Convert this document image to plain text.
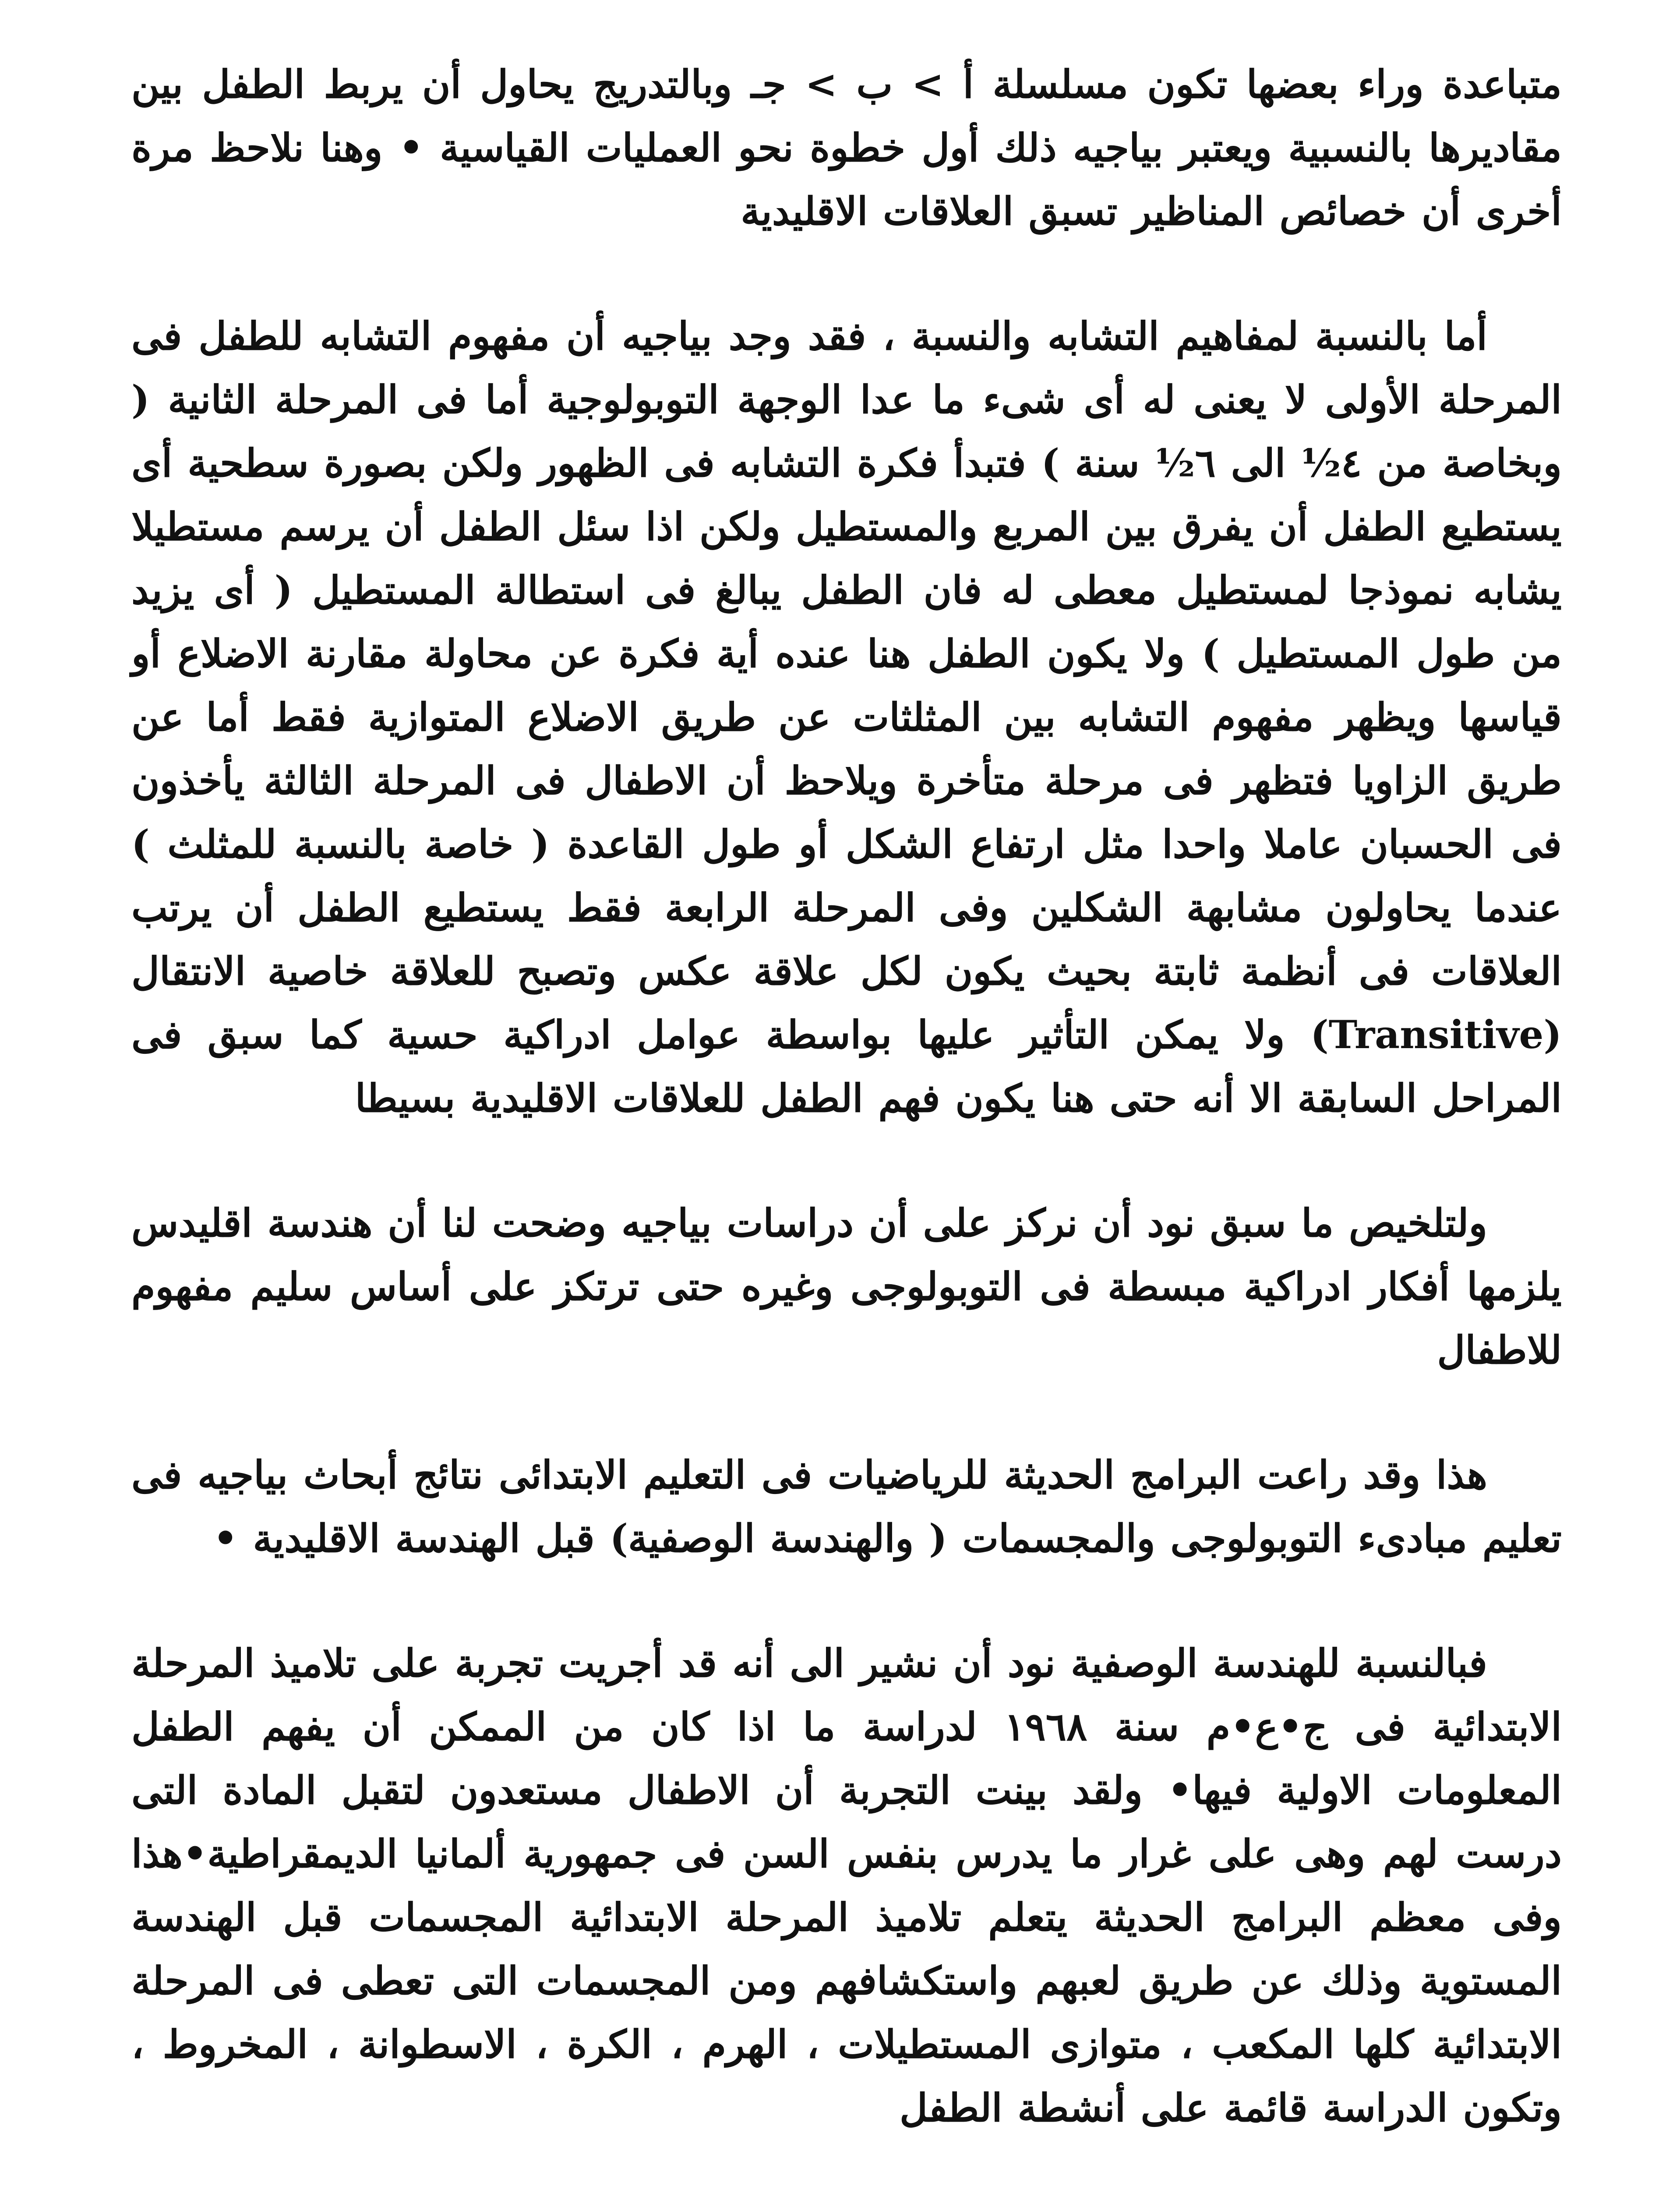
متباعدة وراء بعضها تكون مسلسلة أ > ب > جـ وبالتدريج يحاول أن يربط الطفل بين مقاديرها بالنسبية ويعتبر بياجيه ذلك أول خطوة نحو العمليات القياسية • وهنا نلاحظ مرة أخرى أن خصائص المناظير تسبق العلاقات الاقليدية

أما بالنسبة لمفاهيم التشابه والنسبة ، فقد وجد بياجيه أن مفهوم التشابه للطفل فى المرحلة الأولى لا يعنى له أى شىء ما عدا الوجهة التوبولوجية أما فى المرحلة الثانية ( وبخاصة من ٤½ الى ٦½ سنة ) فتبدأ فكرة التشابه فى الظهور ولكن بصورة سطحية أى يستطيع الطفل أن يفرق بين المربع والمستطيل ولكن اذا سئل الطفل أن يرسم مستطيلا يشابه نموذجا لمستطيل معطى له فان الطفل يبالغ فى استطالة المستطيل ( أى يزيد من طول المستطيل ) ولا يكون الطفل هنا عنده أية فكرة عن محاولة مقارنة الاضلاع أو قياسها ويظهر مفهوم التشابه بين المثلثات عن طريق الاضلاع المتوازية فقط أما عن طريق الزاويا فتظهر فى مرحلة متأخرة ويلاحظ أن الاطفال فى المرحلة الثالثة يأخذون فى الحسبان عاملا واحدا مثل ارتفاع الشكل أو طول القاعدة ( خاصة بالنسبة للمثلث ) عندما يحاولون مشابهة الشكلين وفى المرحلة الرابعة فقط يستطيع الطفل أن يرتب العلاقات فى أنظمة ثابتة بحيث يكون لكل علاقة عكس وتصبح للعلاقة خاصية الانتقال (Transitive) ولا يمكن التأثير عليها بواسطة عوامل ادراكية حسية كما سبق فى المراحل السابقة الا أنه حتى هنا يكون فهم الطفل للعلاقات الاقليدية بسيطا

ولتلخيص ما سبق نود أن نركز على أن دراسات بياجيه وضحت لنا أن هندسة اقليدس يلزمها أفكار ادراكية مبسطة فى التوبولوجى وغيره حتى ترتكز على أساس سليم مفهوم للاطفال

هذا وقد راعت البرامج الحديثة للرياضيات فى التعليم الابتدائى نتائج أبحاث بياجيه فى تعليم مبادىء التوبولوجى والمجسمات ( والهندسة الوصفية) قبل الهندسة الاقليدية •

فبالنسبة للهندسة الوصفية نود أن نشير الى أنه قد أجريت تجربة على تلاميذ المرحلة الابتدائية فى ج•ع•م سنة ١٩٦٨ لدراسة ما اذا كان من الممكن أن يفهم الطفل المعلومات الاولية فيها• ولقد بينت التجربة أن الاطفال مستعدون لتقبل المادة التى درست لهم وهى على غرار ما يدرس بنفس السن فى جمهورية ألمانيا الديمقراطية•هذا وفى معظم البرامج الحديثة يتعلم تلاميذ المرحلة الابتدائية المجسمات قبل الهندسة المستوية وذلك عن طريق لعبهم واستكشافهم ومن المجسمات التى تعطى فى المرحلة الابتدائية كلها المكعب ، متوازى المستطيلات ، الهرم ، الكرة ، الاسطوانة ، المخروط ، وتكون الدراسة قائمة على أنشطة الطفل
